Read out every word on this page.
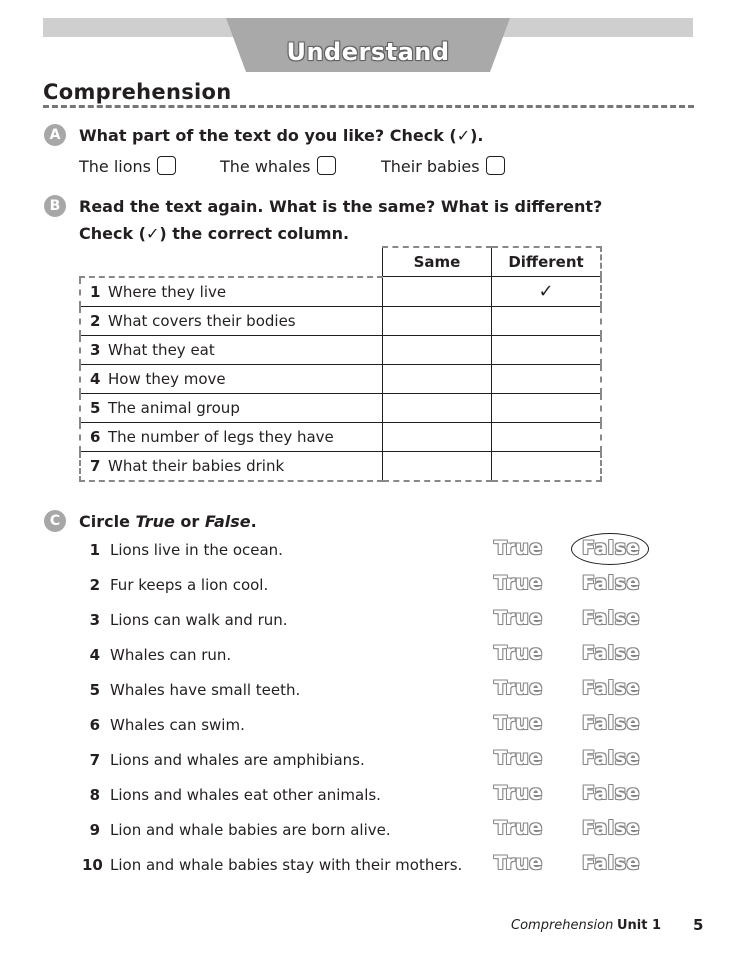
Understand
Comprehension
A	What part of the text do you like? Check (✓).
The lions	The whales	Their babies
B	Read the text again. What is the same? What is different?
Check (✓) the correct column.
	Same	Different
1 Where they live		✓
2 What covers their bodies		
3 What they eat		
4 How they move		
5 The animal group		
6 The number of legs they have		
7 What their babies drink		
C	Circle True or False.
1 Lions live in the ocean.	True False
2 Fur keeps a lion cool.	True False
3 Lions can walk and run.	True False
4 Whales can run.	True False
5 Whales have small teeth.	True False
6 Whales can swim.	True False
7 Lions and whales are amphibians.	True False
8 Lions and whales eat other animals.	True False
9 Lion and whale babies are born alive.	True False
10 Lion and whale babies stay with their mothers. True False
Comprehension Unit 1 5
